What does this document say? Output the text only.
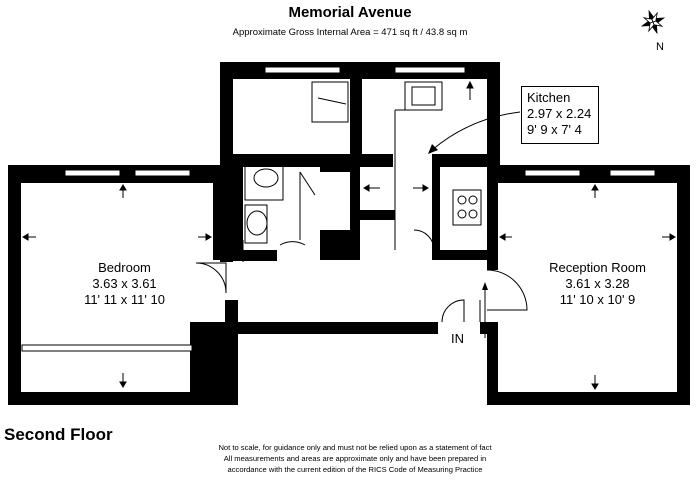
Memorial Avenue
Approximate Gross Internal Area = 471 sq ft / 43.8 sq m
N
Bedroom
3.63 x 3.61
11' 11 x 11' 10
Reception Room
3.61 x 3.28
11' 10 x 10' 9
Kitchen
2.97 x 2.24
9' 9 x 7' 4
IN
Second Floor
Not to scale, for guidance only and must not be relied upon as a statement of fact
All measurements and areas are approximate only and have been prepared in
accordance with the current edition of the RICS Code of Measuring Practice
